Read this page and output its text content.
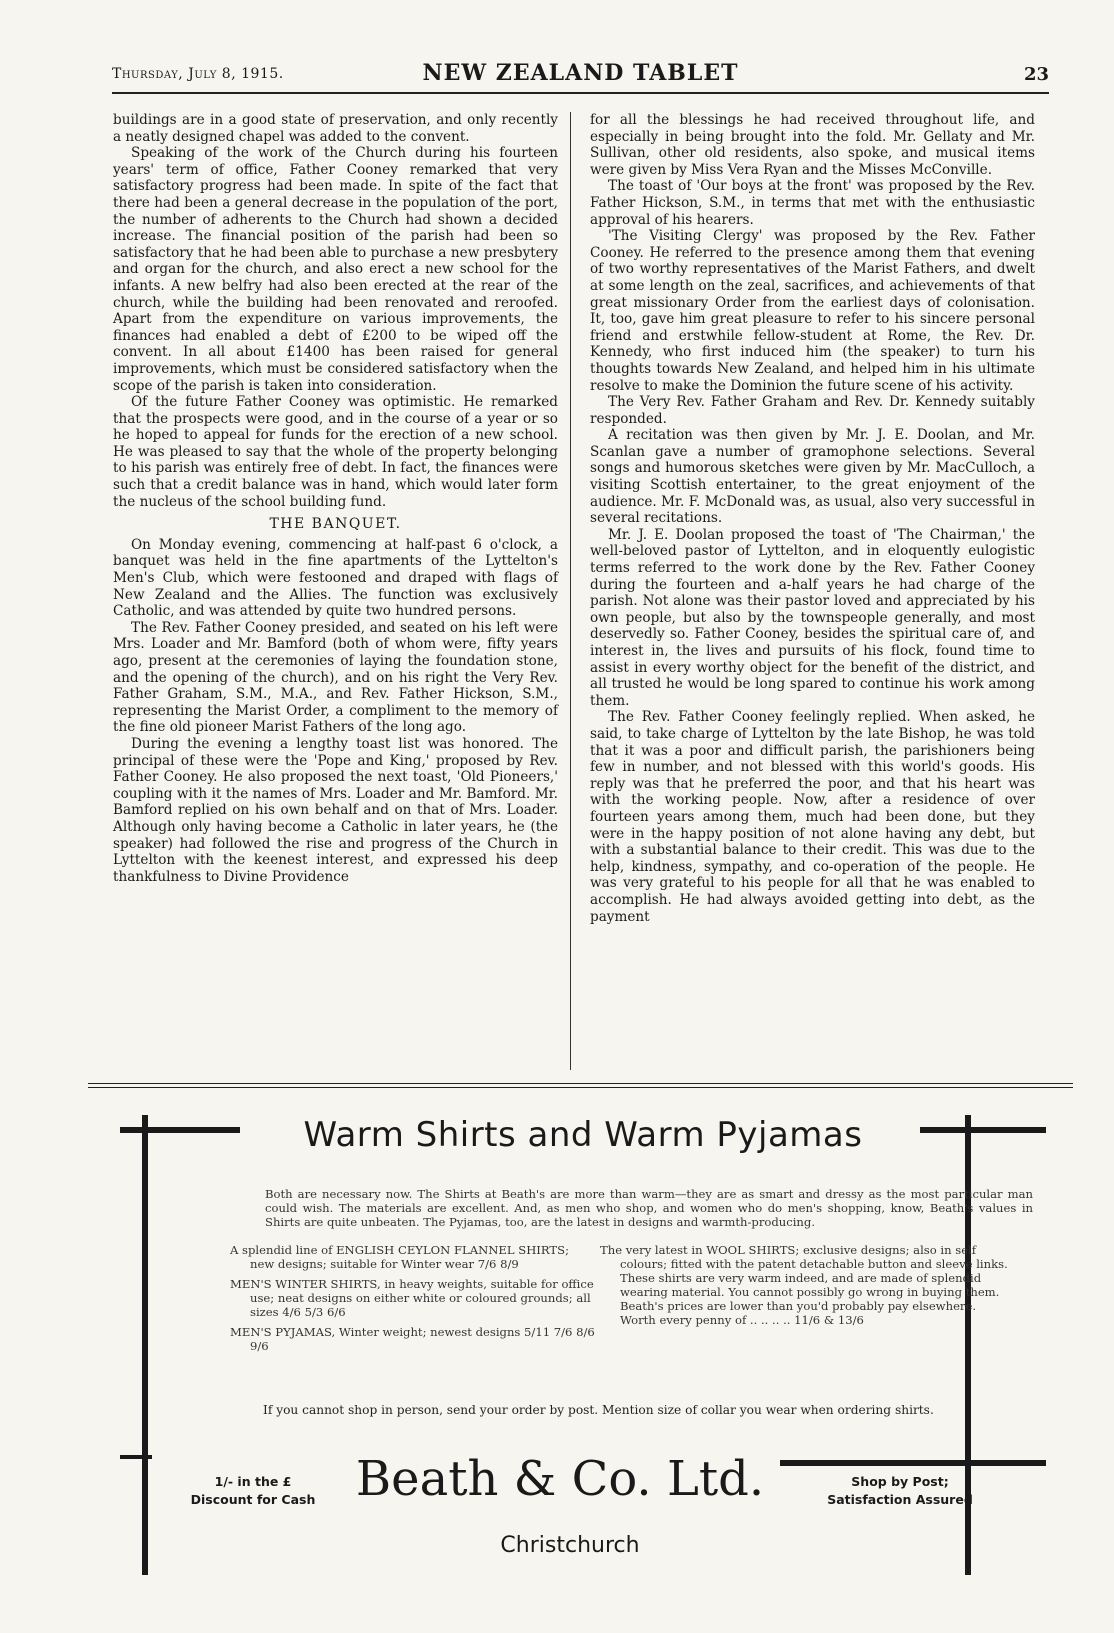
Thursday, July 8, 1915.	NEW ZEALAND TABLET	23

buildings are in a good state of preservation, and only recently a neatly designed chapel was added to the convent.

Speaking of the work of the Church during his fourteen years' term of office, Father Cooney remarked that very satisfactory progress had been made. In spite of the fact that there had been a general decrease in the population of the port, the number of adherents to the Church had shown a decided increase. The financial position of the parish had been so satisfactory that he had been able to purchase a new presbytery and organ for the church, and also erect a new school for the infants. A new belfry had also been erected at the rear of the church, while the building had been renovated and reroofed. Apart from the expenditure on various improvements, the finances had enabled a debt of £200 to be wiped off the convent. In all about £1400 has been raised for general improvements, which must be considered satisfactory when the scope of the parish is taken into consideration.

Of the future Father Cooney was optimistic. He remarked that the prospects were good, and in the course of a year or so he hoped to appeal for funds for the erection of a new school. He was pleased to say that the whole of the property belonging to his parish was entirely free of debt. In fact, the finances were such that a credit balance was in hand, which would later form the nucleus of the school building fund.

THE BANQUET.

On Monday evening, commencing at half-past 6 o'clock, a banquet was held in the fine apartments of the Lyttelton's Men's Club, which were festooned and draped with flags of New Zealand and the Allies. The function was exclusively Catholic, and was attended by quite two hundred persons.

The Rev. Father Cooney presided, and seated on his left were Mrs. Loader and Mr. Bamford (both of whom were, fifty years ago, present at the ceremonies of laying the foundation stone, and the opening of the church), and on his right the Very Rev. Father Graham, S.M., M.A., and Rev. Father Hickson, S.M., representing the Marist Order, a compliment to the memory of the fine old pioneer Marist Fathers of the long ago.

During the evening a lengthy toast list was honored. The principal of these were the 'Pope and King,' proposed by Rev. Father Cooney. He also proposed the next toast, 'Old Pioneers,' coupling with it the names of Mrs. Loader and Mr. Bamford. Mr. Bamford replied on his own behalf and on that of Mrs. Loader. Although only having become a Catholic in later years, he (the speaker) had followed the rise and progress of the Church in Lyttelton with the keenest interest, and expressed his deep thankfulness to Divine Providence

for all the blessings he had received throughout life, and especially in being brought into the fold. Mr. Gellaty and Mr. Sullivan, other old residents, also spoke, and musical items were given by Miss Vera Ryan and the Misses McConville.

The toast of 'Our boys at the front' was proposed by the Rev. Father Hickson, S.M., in terms that met with the enthusiastic approval of his hearers.

'The Visiting Clergy' was proposed by the Rev. Father Cooney. He referred to the presence among them that evening of two worthy representatives of the Marist Fathers, and dwelt at some length on the zeal, sacrifices, and achievements of that great missionary Order from the earliest days of colonisation. It, too, gave him great pleasure to refer to his sincere personal friend and erstwhile fellow-student at Rome, the Rev. Dr. Kennedy, who first induced him (the speaker) to turn his thoughts towards New Zealand, and helped him in his ultimate resolve to make the Dominion the future scene of his activity.

The Very Rev. Father Graham and Rev. Dr. Kennedy suitably responded.

A recitation was then given by Mr. J. E. Doolan, and Mr. Scanlan gave a number of gramophone selections. Several songs and humorous sketches were given by Mr. MacCulloch, a visiting Scottish entertainer, to the great enjoyment of the audience. Mr. F. McDonald was, as usual, also very successful in several recitations.

Mr. J. E. Doolan proposed the toast of 'The Chairman,' the well-beloved pastor of Lyttelton, and in eloquently eulogistic terms referred to the work done by the Rev. Father Cooney during the fourteen and a-half years he had charge of the parish. Not alone was their pastor loved and appreciated by his own people, but also by the townspeople generally, and most deservedly so. Father Cooney, besides the spiritual care of, and interest in, the lives and pursuits of his flock, found time to assist in every worthy object for the benefit of the district, and all trusted he would be long spared to continue his work among them.

The Rev. Father Cooney feelingly replied. When asked, he said, to take charge of Lyttelton by the late Bishop, he was told that it was a poor and difficult parish, the parishioners being few in number, and not blessed with this world's goods. His reply was that he preferred the poor, and that his heart was with the working people. Now, after a residence of over fourteen years among them, much had been done, but they were in the happy position of not alone having any debt, but with a substantial balance to their credit. This was due to the help, kindness, sympathy, and co-operation of the people. He was very grateful to his people for all that he was enabled to accomplish. He had always avoided getting into debt, as the payment

Warm Shirts and Warm Pyjamas
Both are necessary now. The Shirts at Beath's are more than warm—they are as smart and dressy as the most particular man could wish. The materials are excellent. And, as men who shop, and women who do men's shopping, know, Beath's values in Shirts are quite unbeaten. The Pyjamas, too, are the latest in designs and warmth-producing.
A splendid line of ENGLISH CEYLON FLANNEL SHIRTS; new designs; suitable for Winter wear 7/6 8/9
MEN'S WINTER SHIRTS, in heavy weights, suitable for office use; neat designs on either white or coloured grounds; all sizes 4/6 5/3 6/6
MEN'S PYJAMAS, Winter weight; newest designs 5/11 7/6 8/6 9/6
The very latest in WOOL SHIRTS; exclusive designs; also in self colours; fitted with the patent detachable button and sleeve links. These shirts are very warm indeed, and are made of splendid wearing material. You cannot possibly go wrong in buying them. Beath's prices are lower than you'd probably pay elsewhere. Worth every penny of .. .. .. .. 11/6 & 13/6
If you cannot shop in person, send your order by post. Mention size of collar you wear when ordering shirts.
1/- in the £ Discount for Cash Beath & Co. Ltd.	Shop by Post; Satisfaction Assured
Christchurch
